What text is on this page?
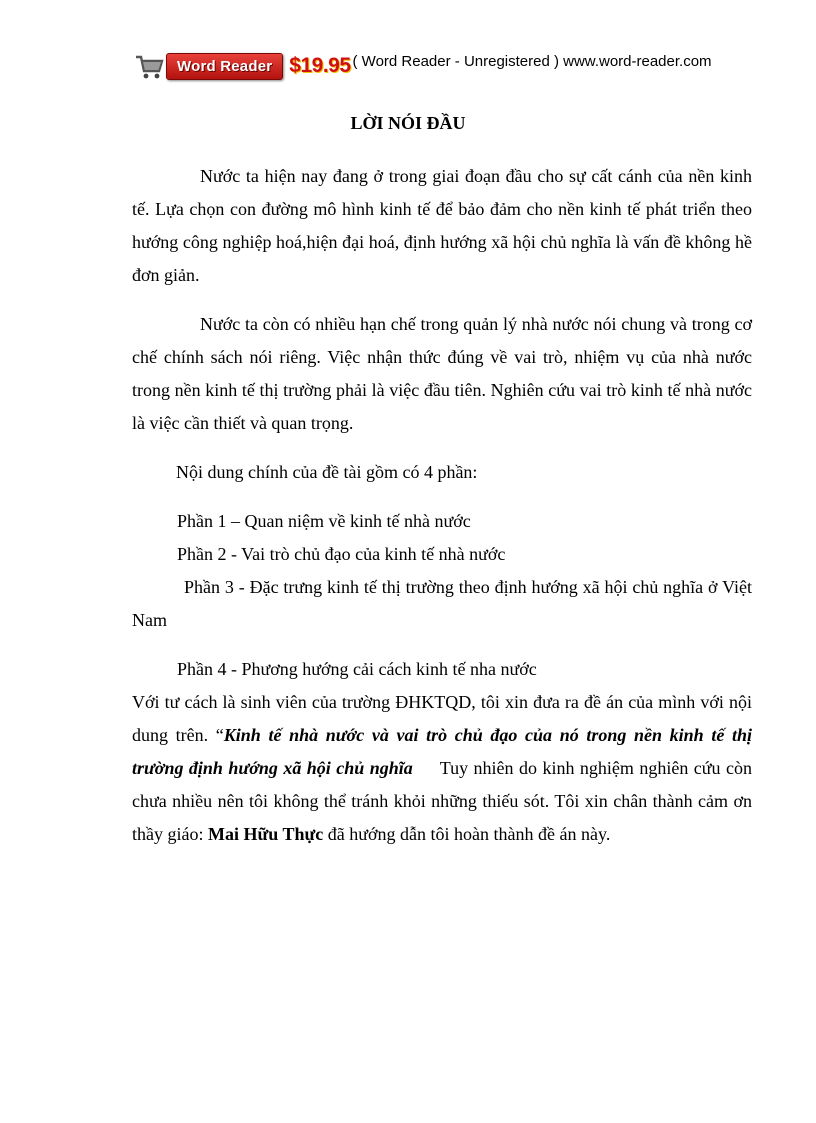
Word Reader $19.95 ( Word Reader - Unregistered ) www.word-reader.com
LỜI NÓI ĐẦU

Nước ta hiện nay đang ở trong giai đoạn đầu cho sự cất cánh của nền kinh tế. Lựa chọn con đường mô hình kinh tế để bảo đảm cho nền kinh tế phát triển theo hướng công nghiệp hoá,hiện đại hoá, định hướng xã hội chủ nghĩa là vấn đề không hề đơn giản.

Nước ta còn có nhiều hạn chế trong quản lý nhà nước nói chung và trong cơ chế chính sách nói riêng. Việc nhận thức đúng về vai trò, nhiệm vụ của nhà nước trong nền kinh tế thị trường phải là việc đầu tiên. Nghiên cứu vai trò kinh tế nhà nước là việc cần thiết và quan trọng.

Nội dung chính của đề tài gồm có 4 phần:

Phần 1 – Quan niệm về kinh tế nhà nước

Phần 2 - Vai trò chủ đạo của kinh tế nhà nước

Phần 3 - Đặc trưng kinh tế thị trường theo định hướng xã hội chủ nghĩa ở Việt Nam

Phần 4 - Phương hướng cải cách kinh tế nha nước

Với tư cách là sinh viên của trường ĐHKTQD, tôi xin đưa ra đề án của mình với nội dung trên. “Kinh tế nhà nước và vai trò chủ đạo của nó trong nền kinh tế thị trường định hướng xã hội chủ nghĩa     Tuy nhiên do kinh nghiệm nghiên cứu còn chưa nhiều nên tôi không thể tránh khỏi những thiếu sót. Tôi xin chân thành cảm ơn thầy giáo: Mai Hữu Thực đã hướng dẫn tôi hoàn thành đề án này.
